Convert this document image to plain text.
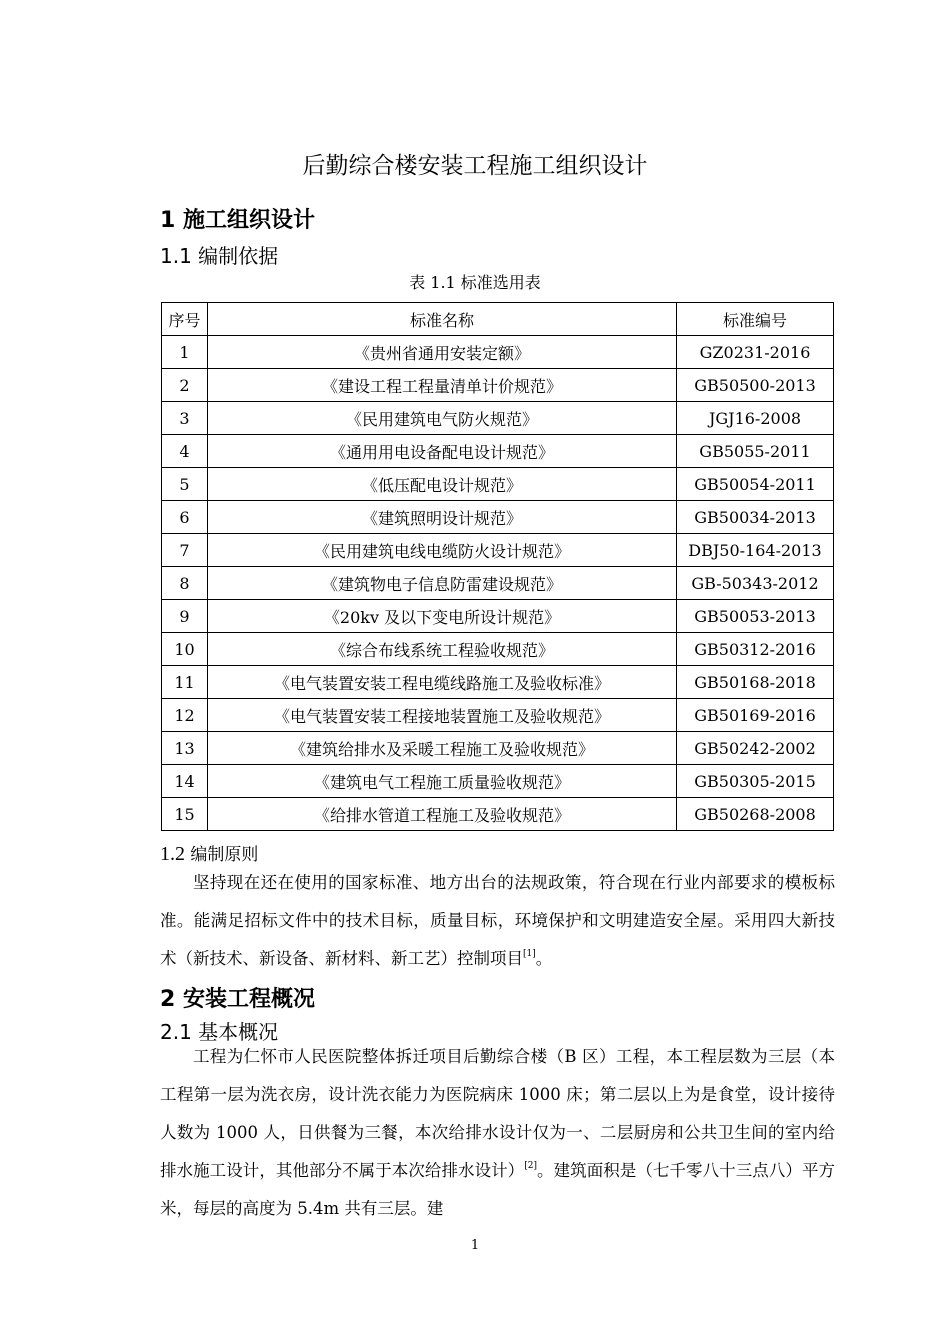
后勤综合楼安装工程施工组织设计
1 施工组织设计
1.1 编制依据
表 1.1 标准选用表
序号	标准名称	标准编号
1	《贵州省通用安装定额》	GZ0231-2016
2	《建设工程工程量清单计价规范》	GB50500-2013
3	《民用建筑电气防火规范》	JGJ16-2008
4	《通用用电设备配电设计规范》	GB5055-2011
5	《低压配电设计规范》	GB50054-2011
6	《建筑照明设计规范》	GB50034-2013
7	《民用建筑电线电缆防火设计规范》	DBJ50-164-2013
8	《建筑物电子信息防雷建设规范》	GB-50343-2012
9	《20kv 及以下变电所设计规范》	GB50053-2013
10	《综合布线系统工程验收规范》	GB50312-2016
11	《电气装置安装工程电缆线路施工及验收标准》	GB50168-2018
12	《电气装置安装工程接地装置施工及验收规范》	GB50169-2016
13	《建筑给排水及采暖工程施工及验收规范》	GB50242-2002
14	《建筑电气工程施工质量验收规范》	GB50305-2015
15	《给排水管道工程施工及验收规范》	GB50268-2008
1.2 编制原则

坚持现在还在使用的国家标准、地方出台的法规政策，符合现在行业内部要求的模板标准。能满足招标文件中的技术目标，质量目标，环境保护和文明建造安全屋。采用四大新技术（新技术、新设备、新材料、新工艺）控制项目[1]。

2 安装工程概况
2.1 基本概况

工程为仁怀市人民医院整体拆迁项目后勤综合楼（B 区）工程，本工程层数为三层（本工程第一层为洗衣房，设计洗衣能力为医院病床 1000 床；第二层以上为是食堂，设计接待人数为 1000 人，日供餐为三餐，本次给排水设计仅为一、二层厨房和公共卫生间的室内给排水施工设计，其他部分不属于本次给排水设计）[2]。建筑面积是（七千零八十三点八）平方米，每层的高度为 5.4m 共有三层。建

1
